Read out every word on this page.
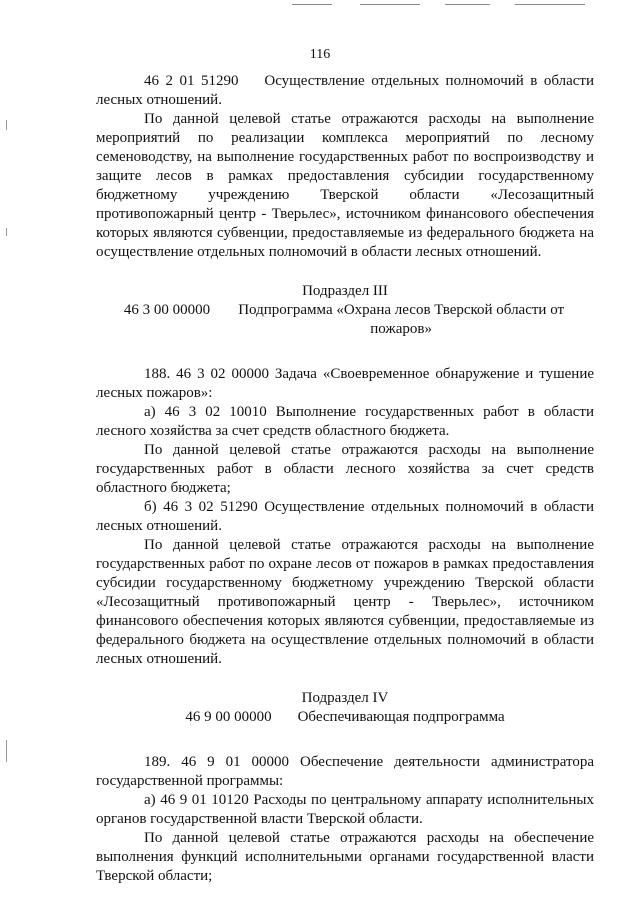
116

46 2 01 51290 Осуществление отдельных полномочий в области лесных отношений.

По данной целевой статье отражаются расходы на выполнение мероприятий по реализации комплекса мероприятий по лесному семеноводству, на выполнение государственных работ по воспроизводству и защите лесов в рамках предоставления субсидии государственному бюджетному учреждению Тверской области «Лесозащитный противопожарный центр - Тверьлес», источником финансового обеспечения которых являются субвенции, предоставляемые из федерального бюджета на осуществление отдельных полномочий в области лесных отношений.

Подраздел III

46 3 00 00000 Подпрограмма «Охрана лесов Тверской области от пожаров»

188. 46 3 02 00000 Задача «Своевременное обнаружение и тушение лесных пожаров»:

а) 46 3 02 10010 Выполнение государственных работ в области лесного хозяйства за счет средств областного бюджета.

По данной целевой статье отражаются расходы на выполнение государственных работ в области лесного хозяйства за счет средств областного бюджета;

б) 46 3 02 51290 Осуществление отдельных полномочий в области лесных отношений.

По данной целевой статье отражаются расходы на выполнение государственных работ по охране лесов от пожаров в рамках предоставления субсидии государственному бюджетному учреждению Тверской области «Лесозащитный противопожарный центр - Тверьлес», источником финансового обеспечения которых являются субвенции, предоставляемые из федерального бюджета на осуществление отдельных полномочий в области лесных отношений.

Подраздел IV

46 9 00 00000 Обеспечивающая подпрограмма

189. 46 9 01 00000 Обеспечение деятельности администратора государственной программы:

а) 46 9 01 10120 Расходы по центральному аппарату исполнительных органов государственной власти Тверской области.

По данной целевой статье отражаются расходы на обеспечение выполнения функций исполнительными органами государственной власти Тверской области;
